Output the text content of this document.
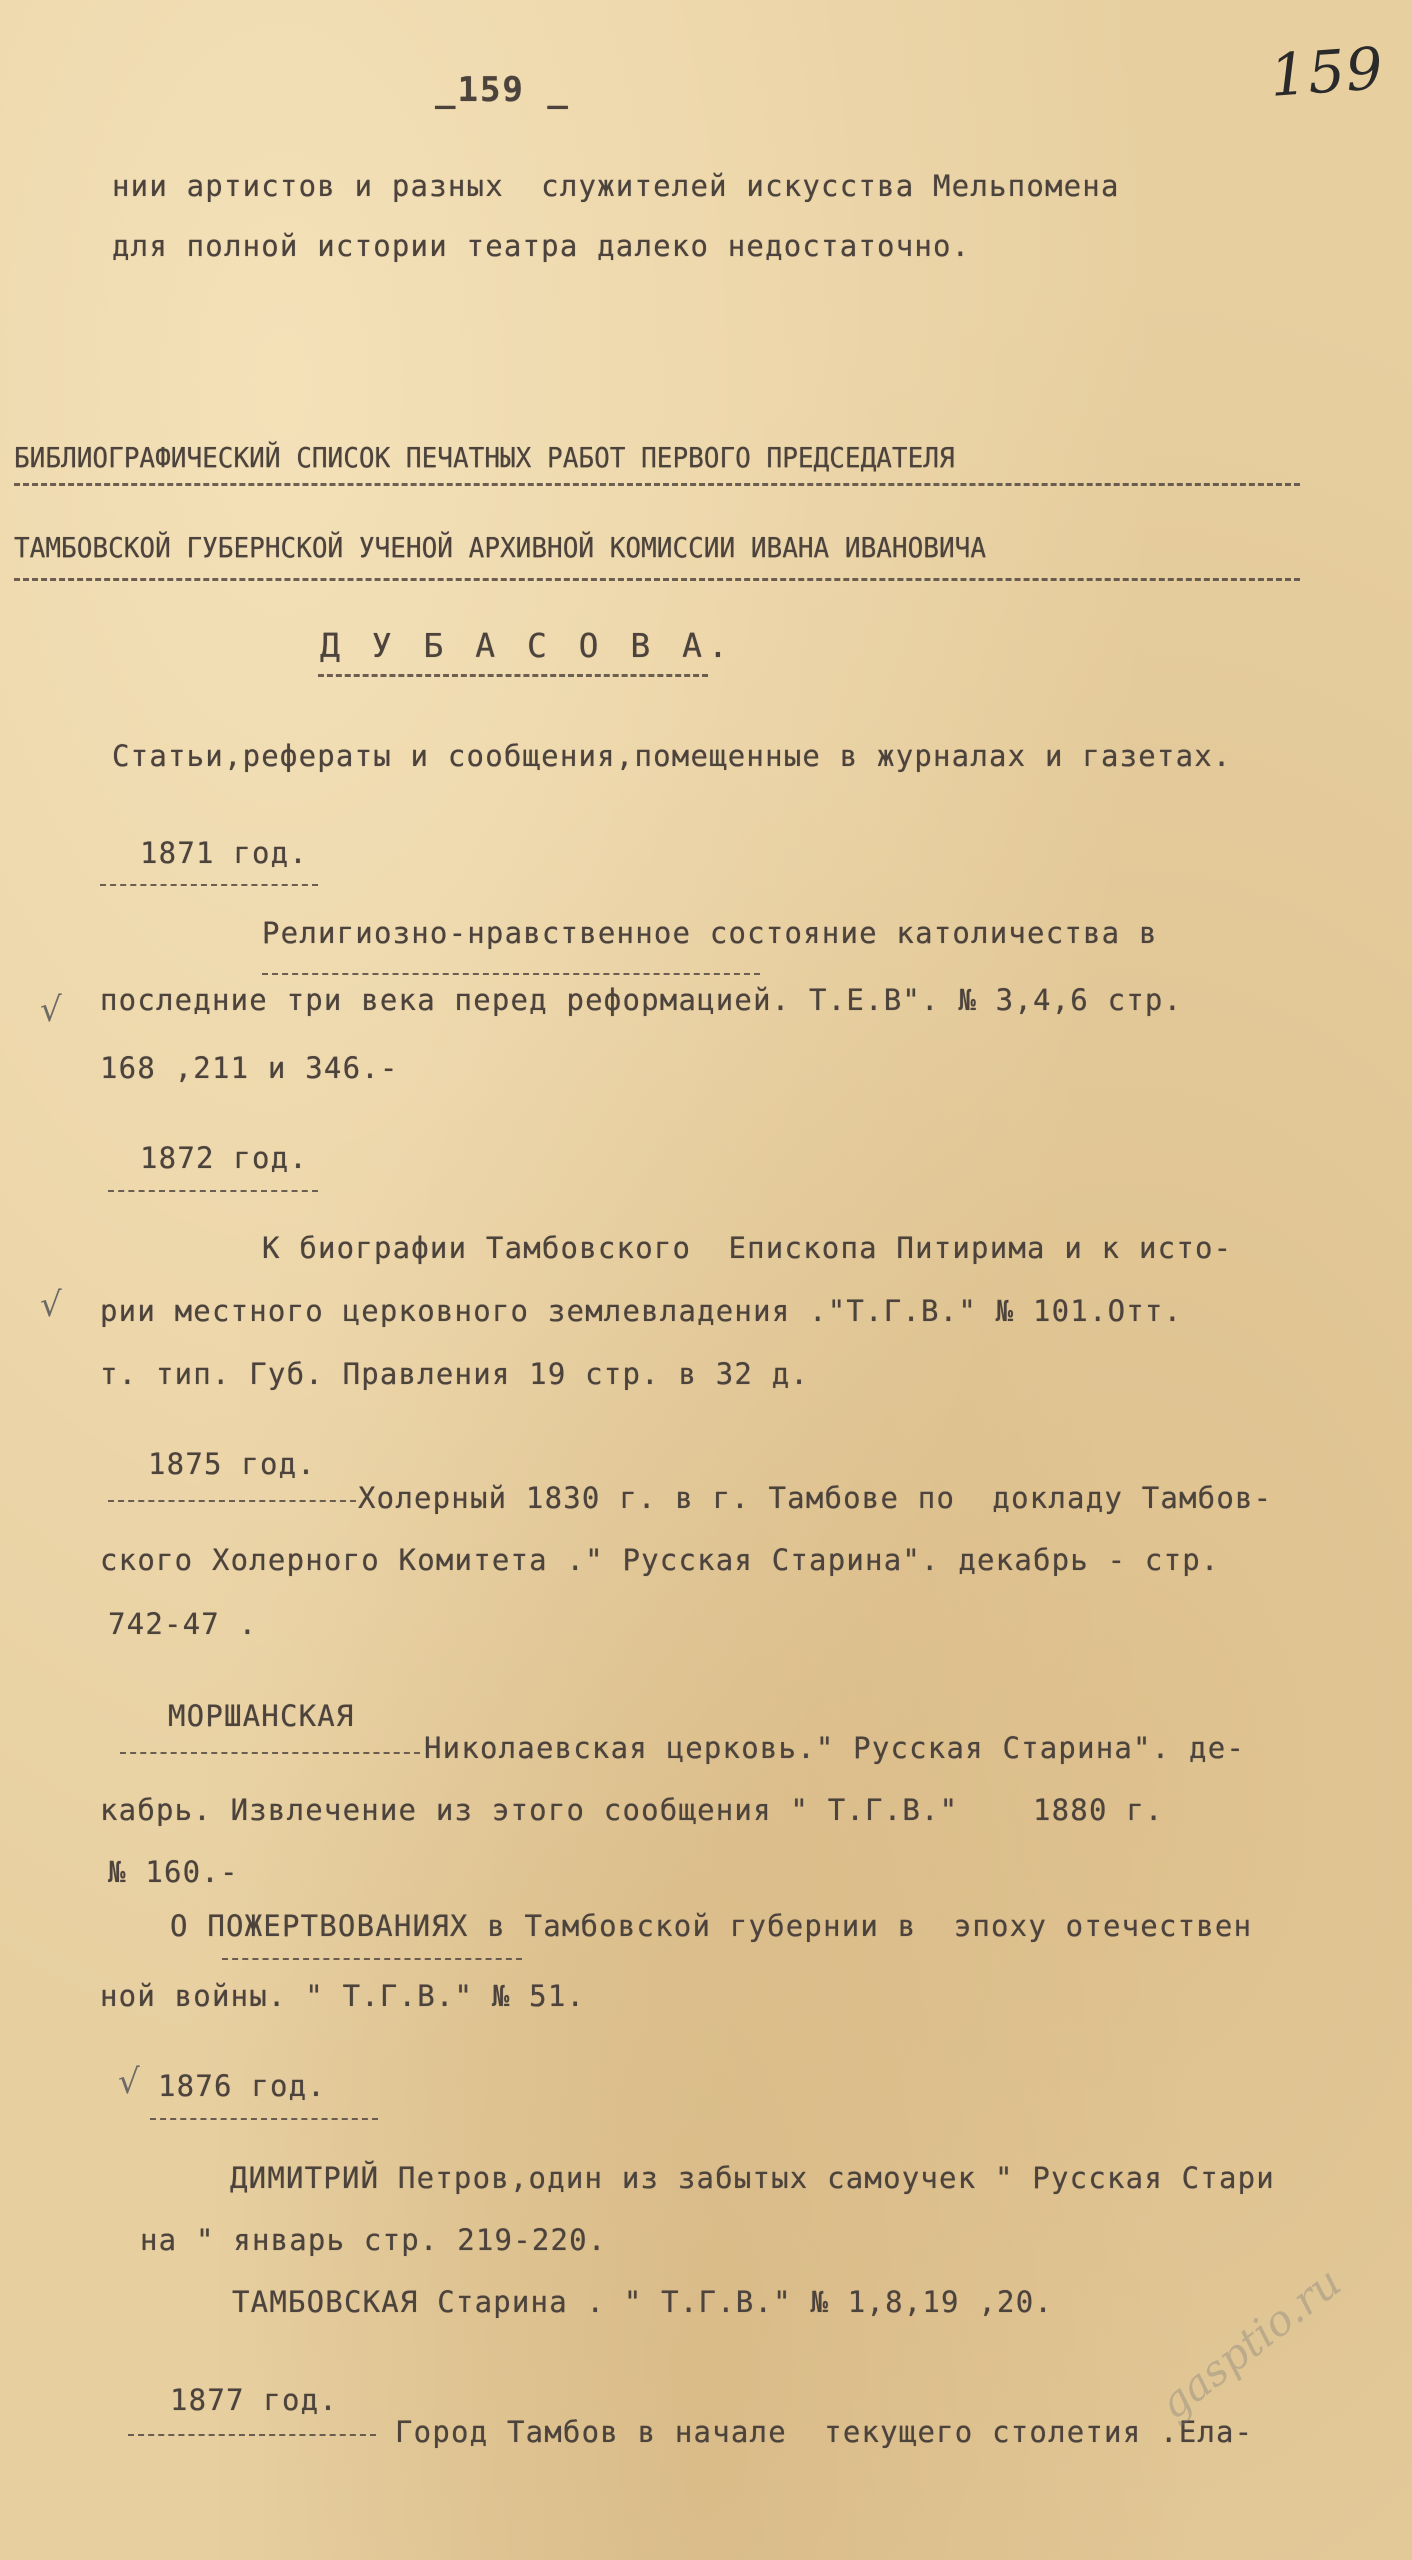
_159 _	159
нии артистов и разных  служителей искусства Мельпомена
для полной истории театра далеко недостаточно.
БИБЛИОГРАФИЧЕСКИЙ СПИСОК ПЕЧАТНЫХ РАБОТ ПЕРВОГО ПРЕДСЕДАТЕЛЯ
ТАМБОВСКОЙ ГУБЕРНСКОЙ УЧЕНОЙ АРХИВНОЙ КОМИССИИ ИВАНА ИВАНОВИЧА
Д У Б А С О В А.
Статьи,рефераты и сообщения,помещенные в журналах и газетах.
1871 год.
Религиозно-нравственное состояние католичества в
последние три века перед реформацией. Т.Е.В". № 3,4,6 стр.
168 ,211 и 346.-
√
1872 год.
К биографии Тамбовского  Епископа Питирима и к исто-
рии местного церковного землевладения ."Т.Г.В." № 101.Отт.
т. тип. Губ. Правления 19 стр. в 32 д.
√
1875 год.
Холерный 1830 г. в г. Тамбове по  докладу Тамбов-
ского Холерного Комитета ." Русская Старина". декабрь - стр.
742-47 .
МОРШАНСКАЯ
Николаевская церковь." Русская Старина". де-
кабрь. Извлечение из этого сообщения " Т.Г.В."    1880 г.
№ 160.-
О ПОЖЕРТВОВАНИЯХ в Тамбовской губернии в  эпоху отечествен
ной войны. " Т.Г.В." № 51.
1876 год.
√
ДИМИТРИЙ Петров,один из забытых самоучек " Русская Стари
на " январь стр. 219-220.
ТАМБОВСКАЯ Старина . " Т.Г.В." № 1,8,19 ,20.
1877 год.
Город Тамбов в начале  текущего столетия .Ела-
gasptio.ru
